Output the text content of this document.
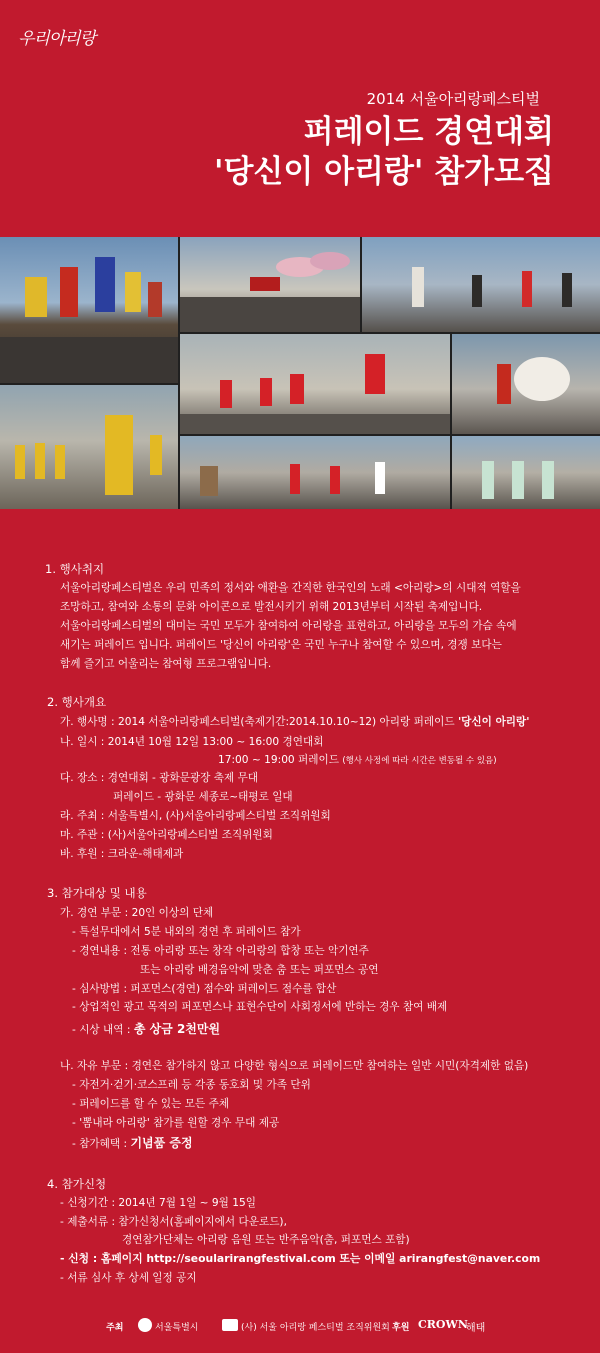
우리아리랑
2014 서울아리랑페스티벌
퍼레이드 경연대회
'당신이 아리랑' 참가모집
1. 행사취지
서울아리랑페스티벌은 우리 민족의 정서와 애환을 간직한 한국인의 노래 <아리랑>의 시대적 역할을
조망하고, 참여와 소통의 문화 아이콘으로 발전시키기 위해 2013년부터 시작된 축제입니다.
서울아리랑페스티벌의 대미는 국민 모두가 참여하여 아리랑을 표현하고, 아리랑을 모두의 가슴 속에
새기는 퍼레이드 입니다. 퍼레이드 '당신이 아리랑'은 국민 누구나 참여할 수 있으며, 경쟁 보다는
함께 즐기고 어울리는 참여형 프로그램입니다.
2. 행사개요
가. 행사명 : 2014 서울아리랑페스티벌(축제기간:2014.10.10~12) 아리랑 퍼레이드 '당신이 아리랑'
나. 일시 : 2014년 10월 12일 13:00 ~ 16:00 경연대회
17:00 ~ 19:00 퍼레이드 (행사 사정에 따라 시간은 변동될 수 있음)
다. 장소 : 경연대회 - 광화문광장 축제 무대
퍼레이드 - 광화문 세종로~태평로 일대
라. 주최 : 서울특별시, (사)서울아리랑페스티벌 조직위원회
마. 주관 : (사)서울아리랑페스티벌 조직위원회
바. 후원 : 크라운-해태제과
3. 참가대상 및 내용
가. 경연 부문 : 20인 이상의 단체
- 특설무대에서 5분 내외의 경연 후 퍼레이드 참가
- 경연내용 : 전통 아리랑 또는 창작 아리랑의 합창 또는 악기연주
또는 아리랑 배경음악에 맞춘 춤 또는 퍼포먼스 공연
- 심사방법 : 퍼포먼스(경연) 점수와 퍼레이드 점수를 합산
- 상업적인 광고 목적의 퍼포먼스나 표현수단이 사회정서에 반하는 경우 참여 배제
- 시상 내역 : 총 상금 2천만원
나. 자유 부문 : 경연은 참가하지 않고 다양한 형식으로 퍼레이드만 참여하는 일반 시민(자격제한 없음)
- 자전거·걷기·코스프레 등 각종 동호회 및 가족 단위
- 퍼레이드를 할 수 있는 모든 주체
- '뽐내라 아리랑' 참가를 원할 경우 무대 제공
- 참가혜택 : 기념품 증정
4. 참가신청
- 신청기간 : 2014년 7월 1일 ~ 9월 15일
- 제출서류 : 참가신청서(홈페이지에서 다운로드),
경연참가단체는 아리랑 음원 또는 반주음악(춤, 퍼포먼스 포함)
- 신청 : 홈페이지 http://seoularirangfestival.com 또는 이메일 arirangfest@naver.com
- 서류 심사 후 상세 일정 공지
주최	서울특별시	(사) 서울 아리랑 페스티벌 조직위원회 후원 CROWN
해태
